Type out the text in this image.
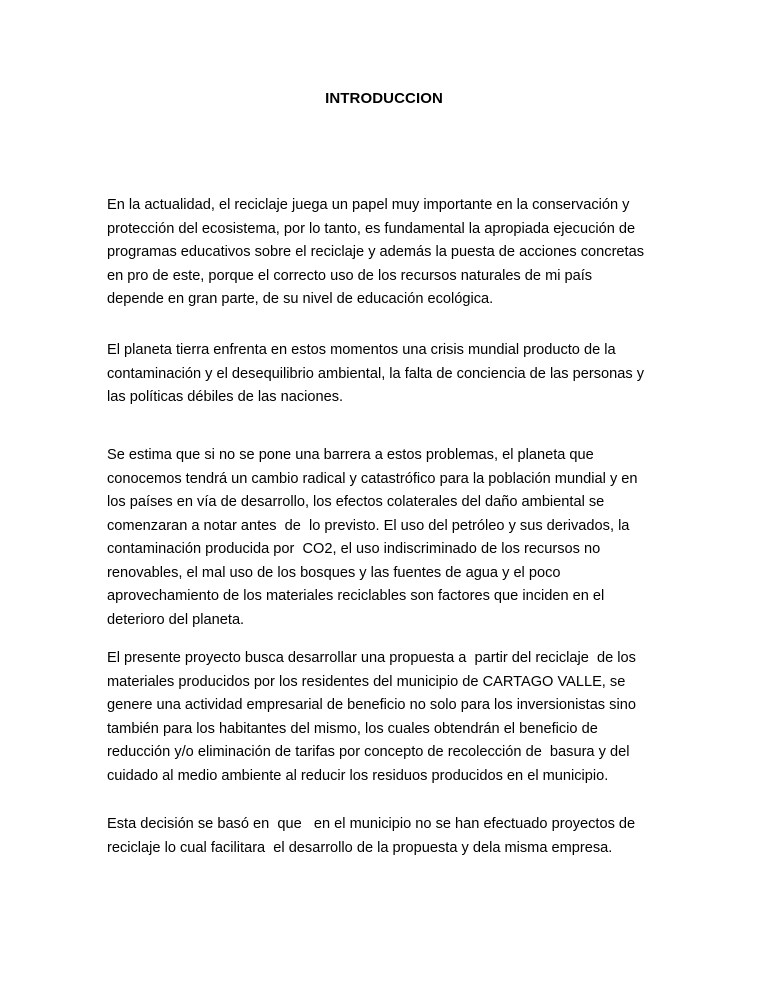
INTRODUCCION
En la actualidad, el reciclaje juega un papel muy importante en la conservación y
protección del ecosistema, por lo tanto, es fundamental la apropiada ejecución de
programas educativos sobre el reciclaje y además la puesta de acciones concretas
en pro de este, porque el correcto uso de los recursos naturales de mi país
depende en gran parte, de su nivel de educación ecológica.
El planeta tierra enfrenta en estos momentos una crisis mundial producto de la
contaminación y el desequilibrio ambiental, la falta de conciencia de las personas y
las políticas débiles de las naciones.
Se estima que si no se pone una barrera a estos problemas, el planeta que
conocemos tendrá un cambio radical y catastrófico para la población mundial y en
los países en vía de desarrollo, los efectos colaterales del daño ambiental se
comenzaran a notar antes  de  lo previsto. El uso del petróleo y sus derivados, la
contaminación producida por  CO2, el uso indiscriminado de los recursos no
renovables, el mal uso de los bosques y las fuentes de agua y el poco
aprovechamiento de los materiales reciclables son factores que inciden en el
deterioro del planeta.
El presente proyecto busca desarrollar una propuesta a  partir del reciclaje  de los
materiales producidos por los residentes del municipio de CARTAGO VALLE, se
genere una actividad empresarial de beneficio no solo para los inversionistas sino
también para los habitantes del mismo, los cuales obtendrán el beneficio de
reducción y/o eliminación de tarifas por concepto de recolección de  basura y del
cuidado al medio ambiente al reducir los residuos producidos en el municipio.
Esta decisión se basó en  que   en el municipio no se han efectuado proyectos de
reciclaje lo cual facilitara  el desarrollo de la propuesta y dela misma empresa.
